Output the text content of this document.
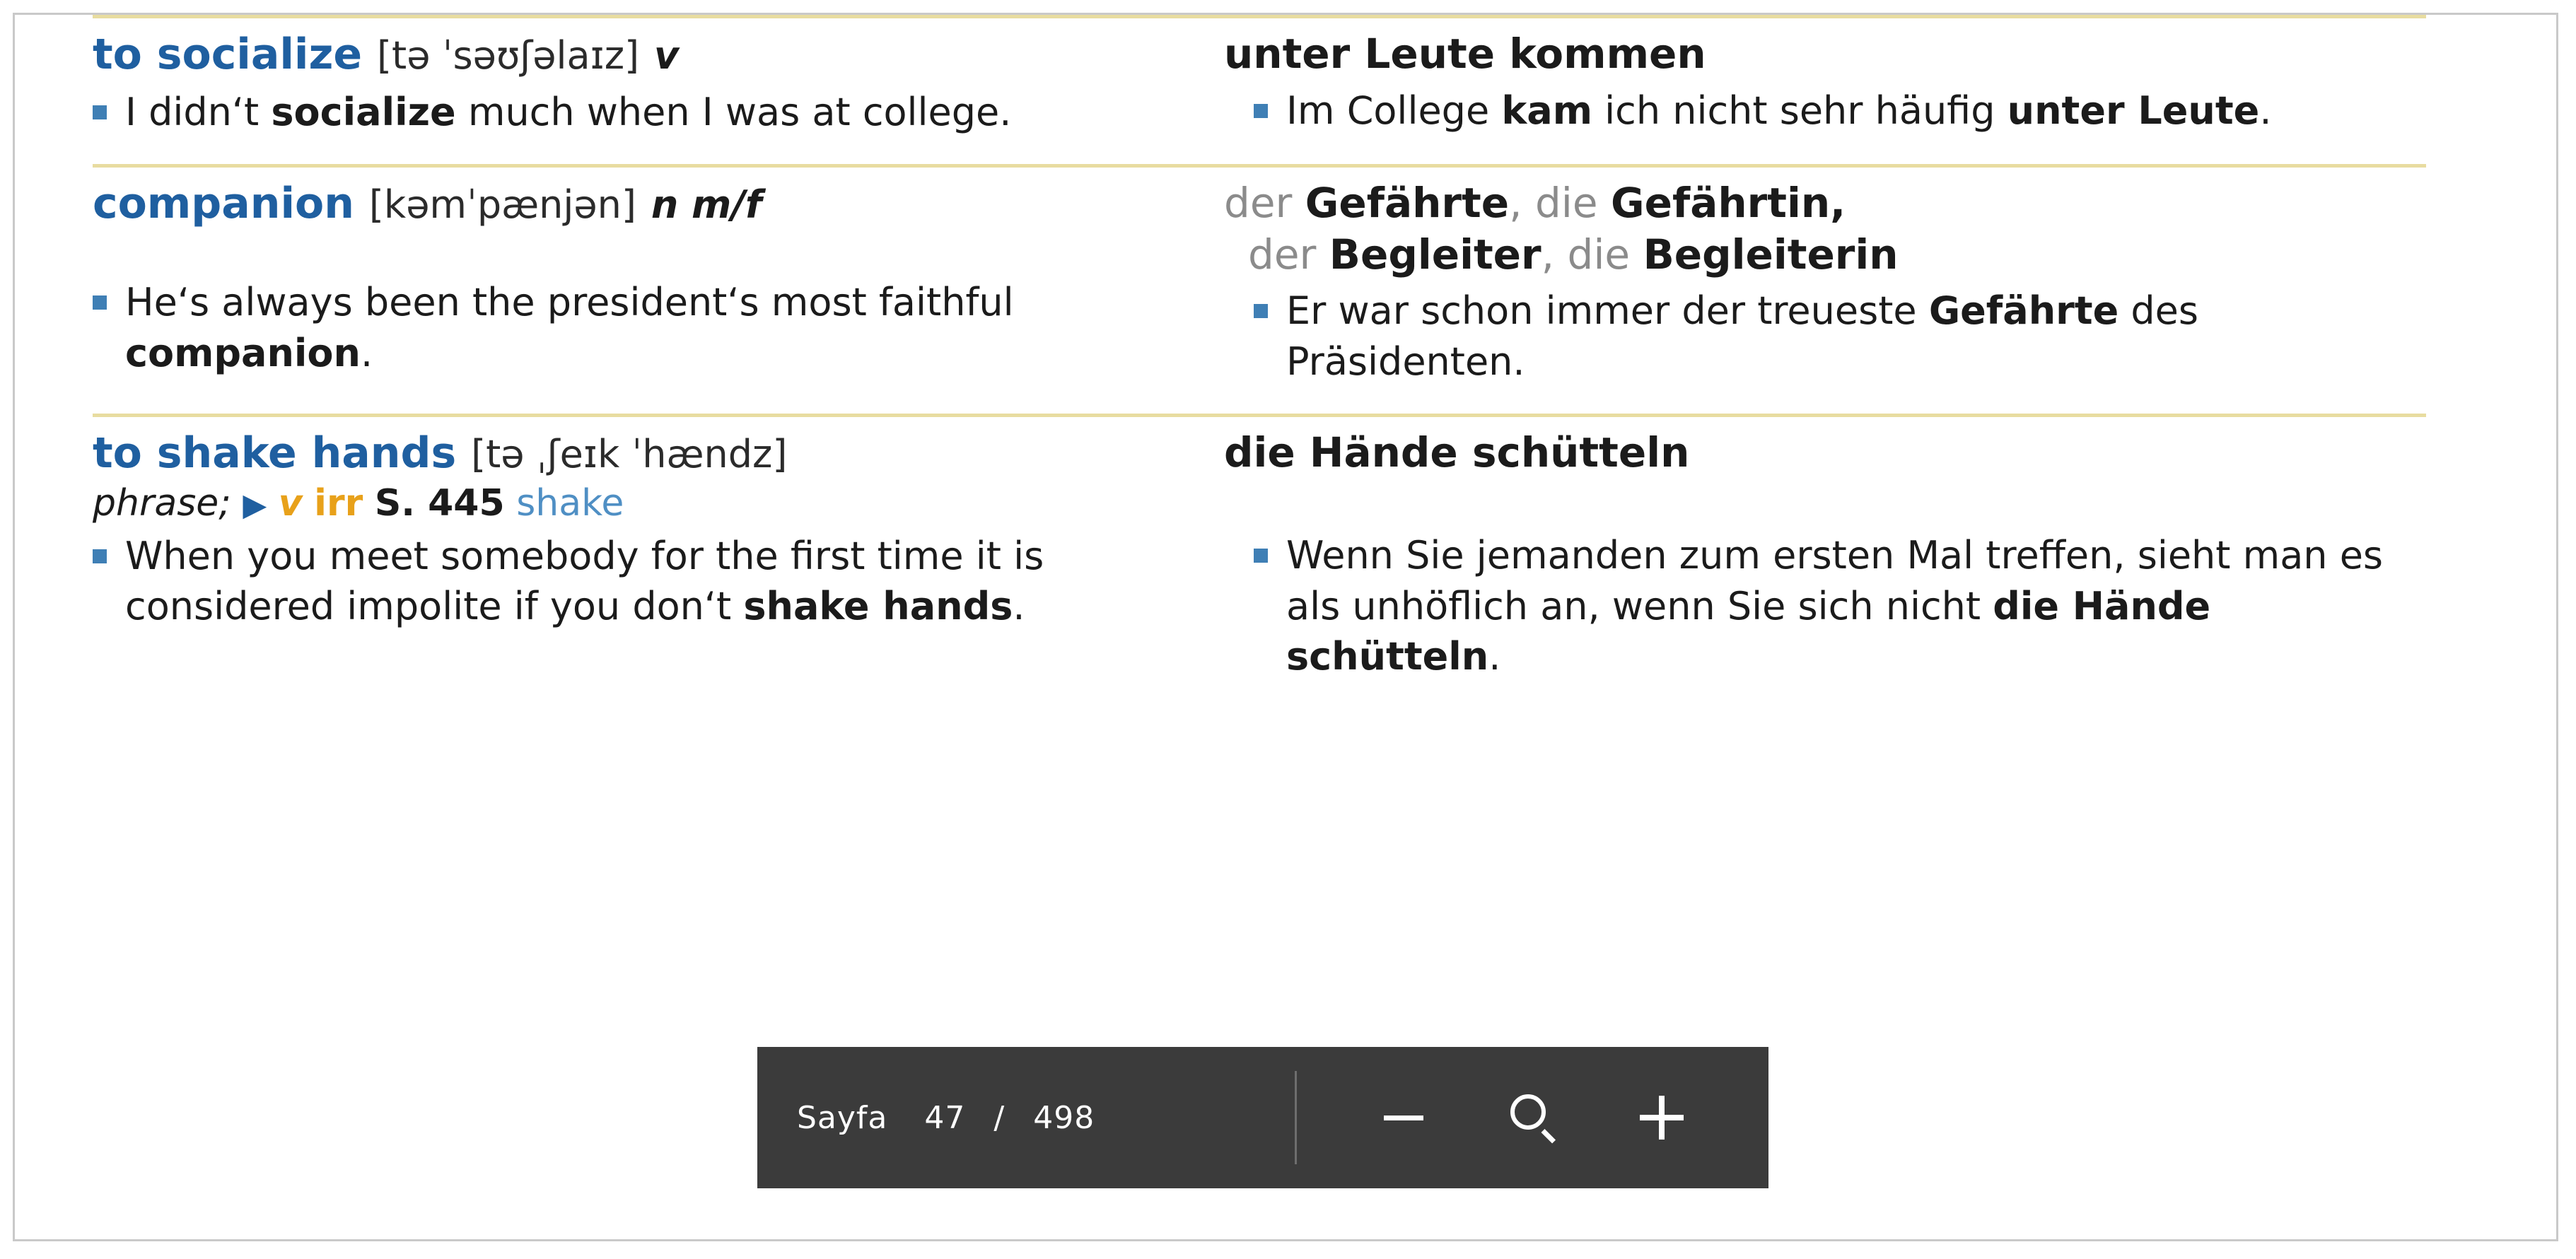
to socialize [tə ˈsəʊʃəlaɪz] v
I didn‘t socialize much when I was at college.
unter Leute kommen
Im College kam ich nicht sehr häufig unter Leute.
companion [kəmˈpænjən] n m/f
He‘s always been the president‘s most faithful companion.
der Gefährte, die Gefährtin,
der Begleiter, die Begleiterin
Er war schon immer der treueste Gefährte des Präsidenten.
to shake hands [tə ˌʃeɪk ˈhændz]
phrase; ▶ v irr S. 445 shake
When you meet somebody for the first time it is considered impolite if you don‘t shake hands.
die Hände schütteln
Wenn Sie jemanden zum ersten Mal treffen, sieht man es als unhöflich an, wenn Sie sich nicht die Hände schütteln.
Sayfa 47 / 498
